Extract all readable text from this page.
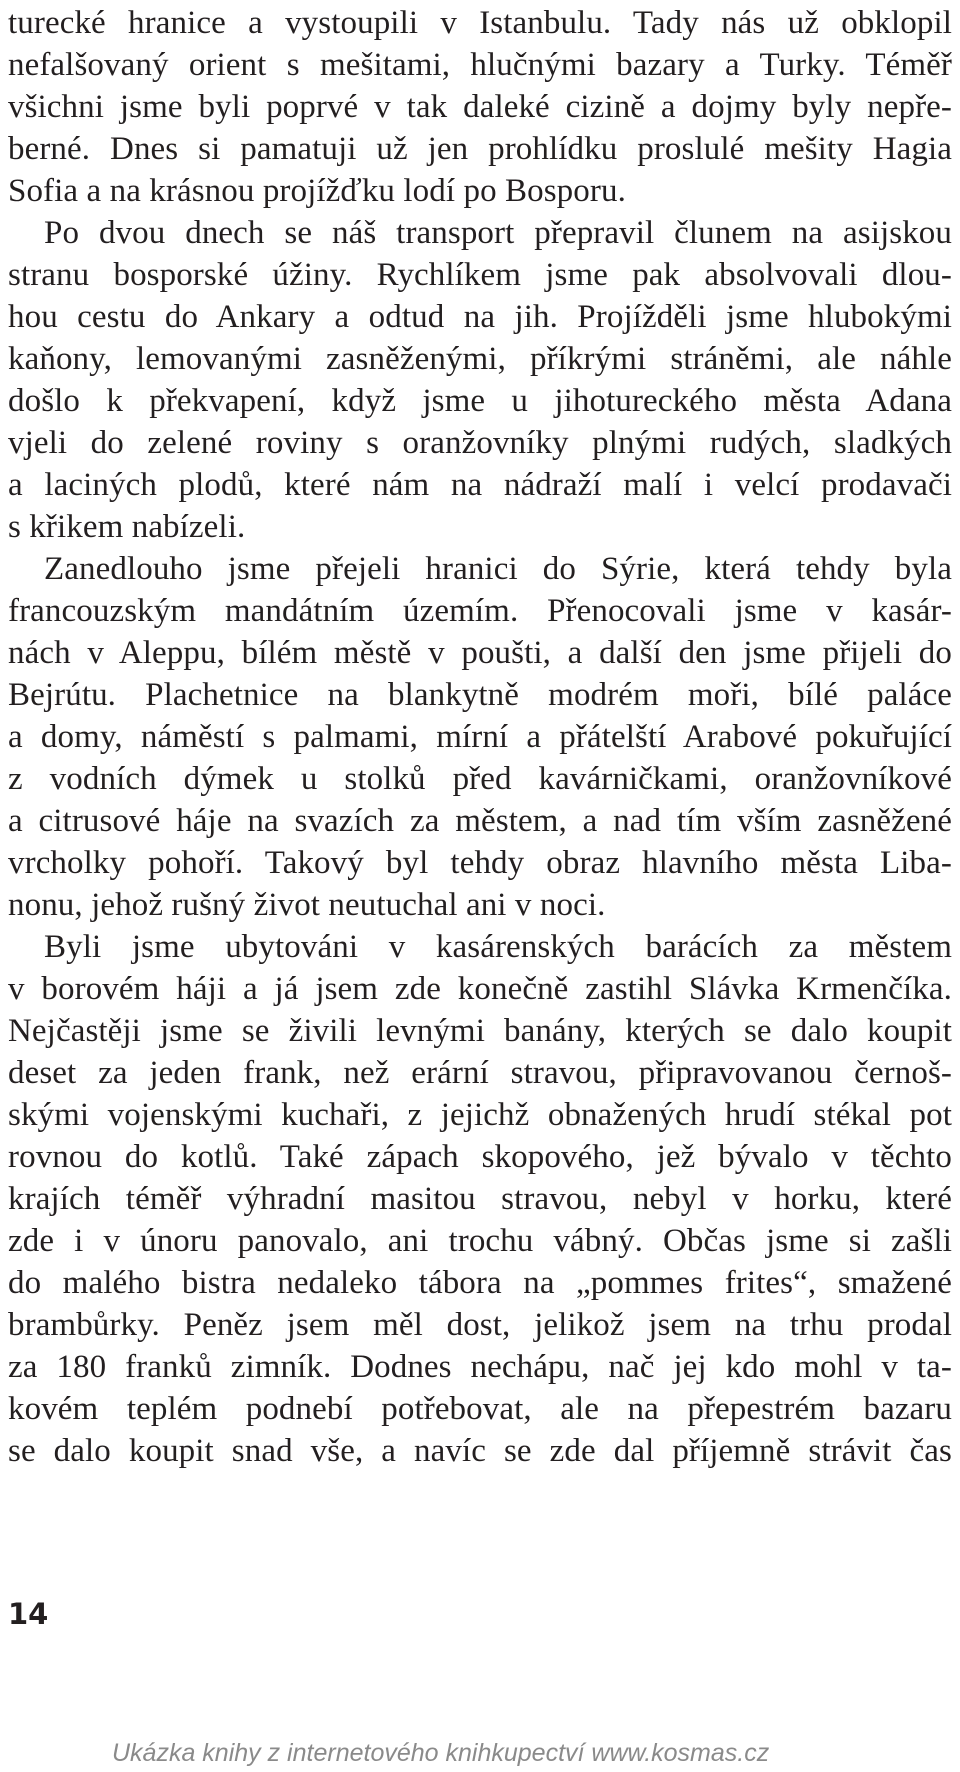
turecké hranice a vystoupili v Istanbulu. Tady nás už obklopil
nefalšovaný orient s mešitami, hlučnými bazary a Turky. Téměř
všichni jsme byli poprvé v tak daleké cizině a dojmy byly nepře-
berné. Dnes si pamatuji už jen prohlídku proslulé mešity Hagia
Sofia a na krásnou projížďku lodí po Bosporu.
Po dvou dnech se náš transport přepravil člunem na asijskou
stranu bosporské úžiny. Rychlíkem jsme pak absolvovali dlou-
hou cestu do Ankary a odtud na jih. Projížděli jsme hlubokými
kaňony, lemovanými zasněženými, příkrými stráněmi, ale náhle
došlo k překvapení, když jsme u jihotureckého města Adana
vjeli do zelené roviny s oranžovníky plnými rudých, sladkých
a laciných plodů, které nám na nádraží malí i velcí prodavači
s křikem nabízeli.
Zanedlouho jsme přejeli hranici do Sýrie, která tehdy byla
francouzským mandátním územím. Přenocovali jsme v kasár-
nách v Aleppu, bílém městě v poušti, a další den jsme přijeli do
Bejrútu. Plachetnice na blankytně modrém moři, bílé paláce
a domy, náměstí s palmami, mírní a přátelští Arabové pokuřující
z vodních dýmek u stolků před kavárničkami, oranžovníkové
a citrusové háje na svazích za městem, a nad tím vším zasněžené
vrcholky pohoří. Takový byl tehdy obraz hlavního města Liba-
nonu, jehož rušný život neutuchal ani v noci.
Byli jsme ubytováni v kasárenských barácích za městem
v borovém háji a já jsem zde konečně zastihl Slávka Krmenčíka.
Nejčastěji jsme se živili levnými banány, kterých se dalo koupit
deset za jeden frank, než erární stravou, připravovanou černoš-
skými vojenskými kuchaři, z jejichž obnažených hrudí stékal pot
rovnou do kotlů. Také zápach skopového, jež bývalo v těchto
krajích téměř výhradní masitou stravou, nebyl v horku, které
zde i v únoru panovalo, ani trochu vábný. Občas jsme si zašli
do malého bistra nedaleko tábora na „pommes frites“, smažené
brambůrky. Peněz jsem měl dost, jelikož jsem na trhu prodal
za 180 franků zimník. Dodnes nechápu, nač jej kdo mohl v ta-
kovém teplém podnebí potřebovat, ale na přepestrém bazaru
se dalo koupit snad vše, a navíc se zde dal příjemně strávit čas
14
Ukázka knihy z internetového knihkupectví www.kosmas.cz
